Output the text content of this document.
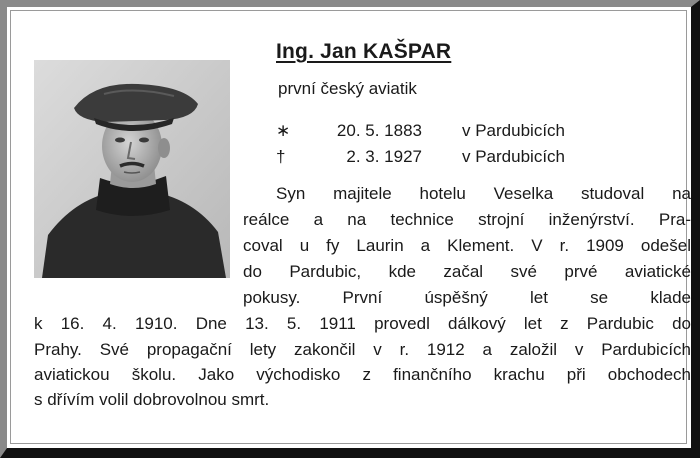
Ing. Jan KAŠPAR
první český aviatik
∗	20. 5. 1883 v Pardubicích
†	2. 3. 1927 v Pardubicích
Syn majitele hotelu Veselka studoval na
reálce a na technice strojní inženýrství. Pra-
coval u fy Laurin a Klement. V r. 1909 odešel
do Pardubic, kde začal své prvé aviatické
pokusy. První úspěšný let se klade
k 16. 4. 1910. Dne 13. 5. 1911 provedl dálkový let z Pardubic do
Prahy. Své propagační lety zakončil v r. 1912 a založil v Pardubicích
aviatickou školu. Jako východisko z finančního krachu při obchodech
s dřívím volil dobrovolnou smrt.
